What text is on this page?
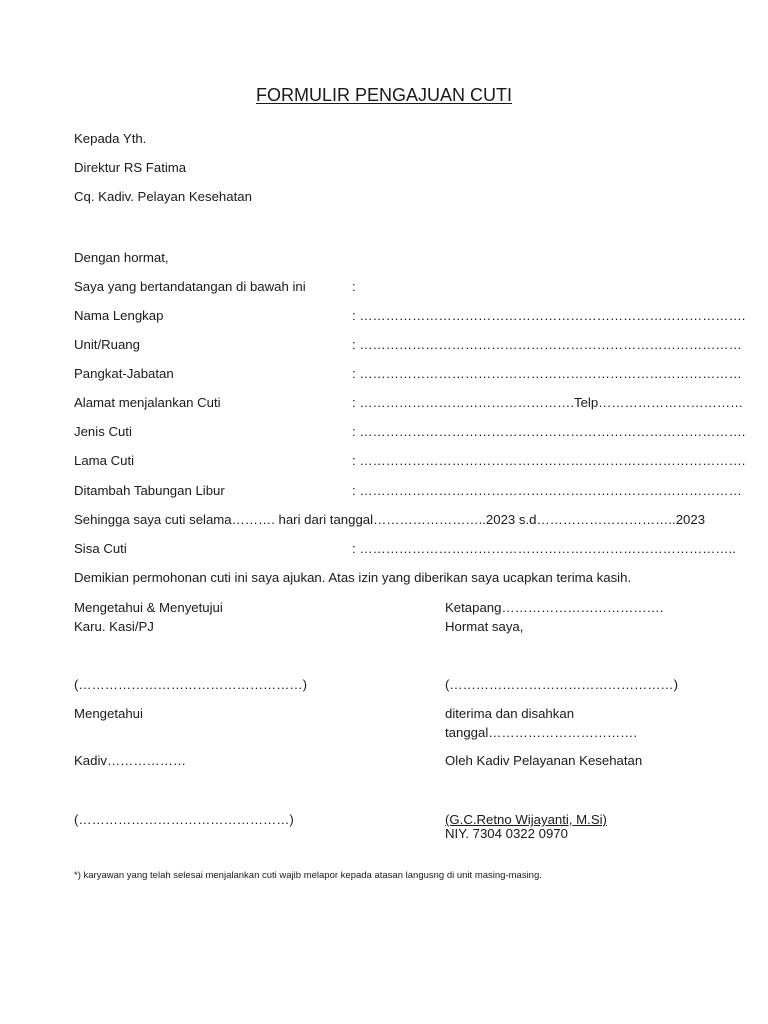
FORMULIR PENGAJUAN CUTI
Kepada Yth.
Direktur RS Fatima
Cq. Kadiv. Pelayan Kesehatan
Dengan hormat,
Saya yang bertandatangan di bawah ini	:
Nama Lengkap	: …………………………………………………………………………….
Unit/Ruang	: ……………………………………………………………………………
Pangkat-Jabatan	: ……………………………………………………………………………
Alamat menjalankan Cuti	: ………………………………………….Telp……………………………
Jenis Cuti	: …………………………………………………………………………….
Lama Cuti	: …………………………………………………………………………….
Ditambah Tabungan Libur	: ……………………………………………………………………………
Sehingga saya cuti selama………. hari dari tanggal……………………..2023 s.d…………………………..2023
Sisa Cuti	: …………………………………………………………………………..
Demikian permohonan cuti ini saya ajukan. Atas izin yang diberikan saya ucapkan terima kasih.
Mengetahui & Menyetujui
Karu. Kasi/PJ
(……………………………………………)
Mengetahui
Kadiv………………
(…………………………………………)
Ketapang……………………………….
Hormat saya,
(……………………………………………)
diterima dan disahkan
tanggal…………………………….
Oleh Kadiv Pelayanan Kesehatan
(G.C.Retno Wijayanti, M.Si)
NIY. 7304 0322 0970
*) karyawan yang telah selesai menjalankan cuti wajib melapor kepada atasan langusng di unit masing-masing.
